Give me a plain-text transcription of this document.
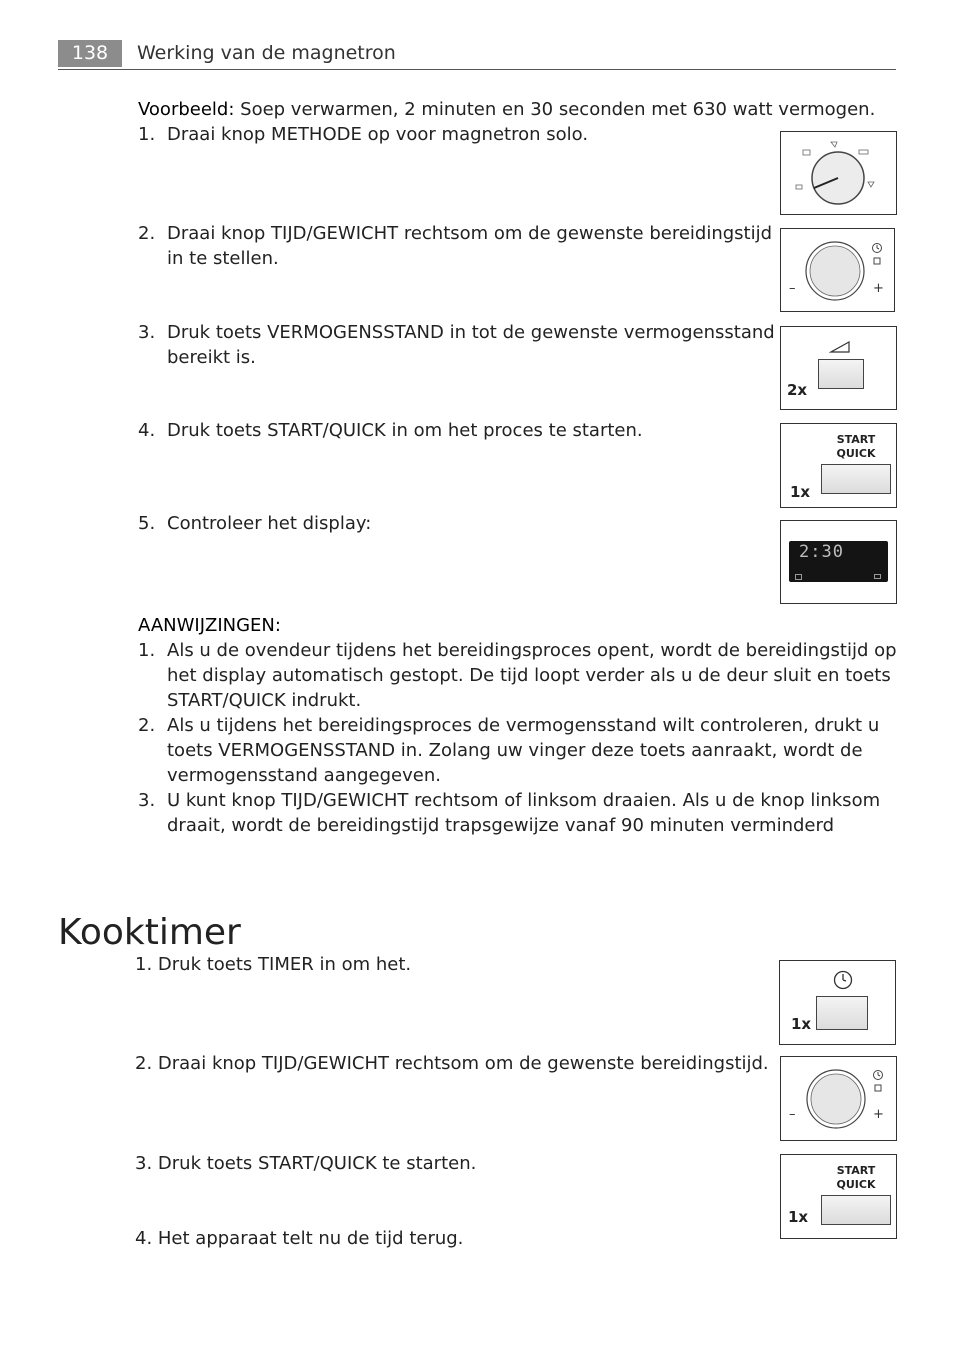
138	Werking van de magnetron
Voorbeeld: Soep verwarmen, 2 minuten en 30 seconden met 630 watt vermogen.
1. Draai knop METHODE op voor magnetron solo.
2. Draai knop TIJD/GEWICHT rechtsom om de gewenste bereidingstijd
in te stellen.
3. Druk toets VERMOGENSSTAND in tot de gewenste vermogensstand
bereikt is.
4. Druk toets START/QUICK in om het proces te starten.
5. Controleer het display:
–	+
2x
START
QUICK
1x
2:30
AANWIJZINGEN:
1. Als u de ovendeur tijdens het bereidingsproces opent, wordt de bereidingstijd op
het display automatisch gestopt. De tijd loopt verder als u de deur sluit en toets
START/QUICK indrukt.
2. Als u tijdens het bereidingsproces de vermogensstand wilt controleren, drukt u
toets VERMOGENSSTAND in. Zolang uw vinger deze toets aanraakt, wordt de
vermogensstand aangegeven.
3. U kunt knop TIJD/GEWICHT rechtsom of linksom draaien. Als u de knop linksom
draait, wordt de bereidingstijd trapsgewijze vanaf 90 minuten verminderd
Kooktimer
1. Druk toets TIMER in om het.
2. Draai knop TIJD/GEWICHT rechtsom om de gewenste bereidingstijd.
3. Druk toets START/QUICK te starten.
4. Het apparaat telt nu de tijd terug.
1x
–	+
START
QUICK
1x
